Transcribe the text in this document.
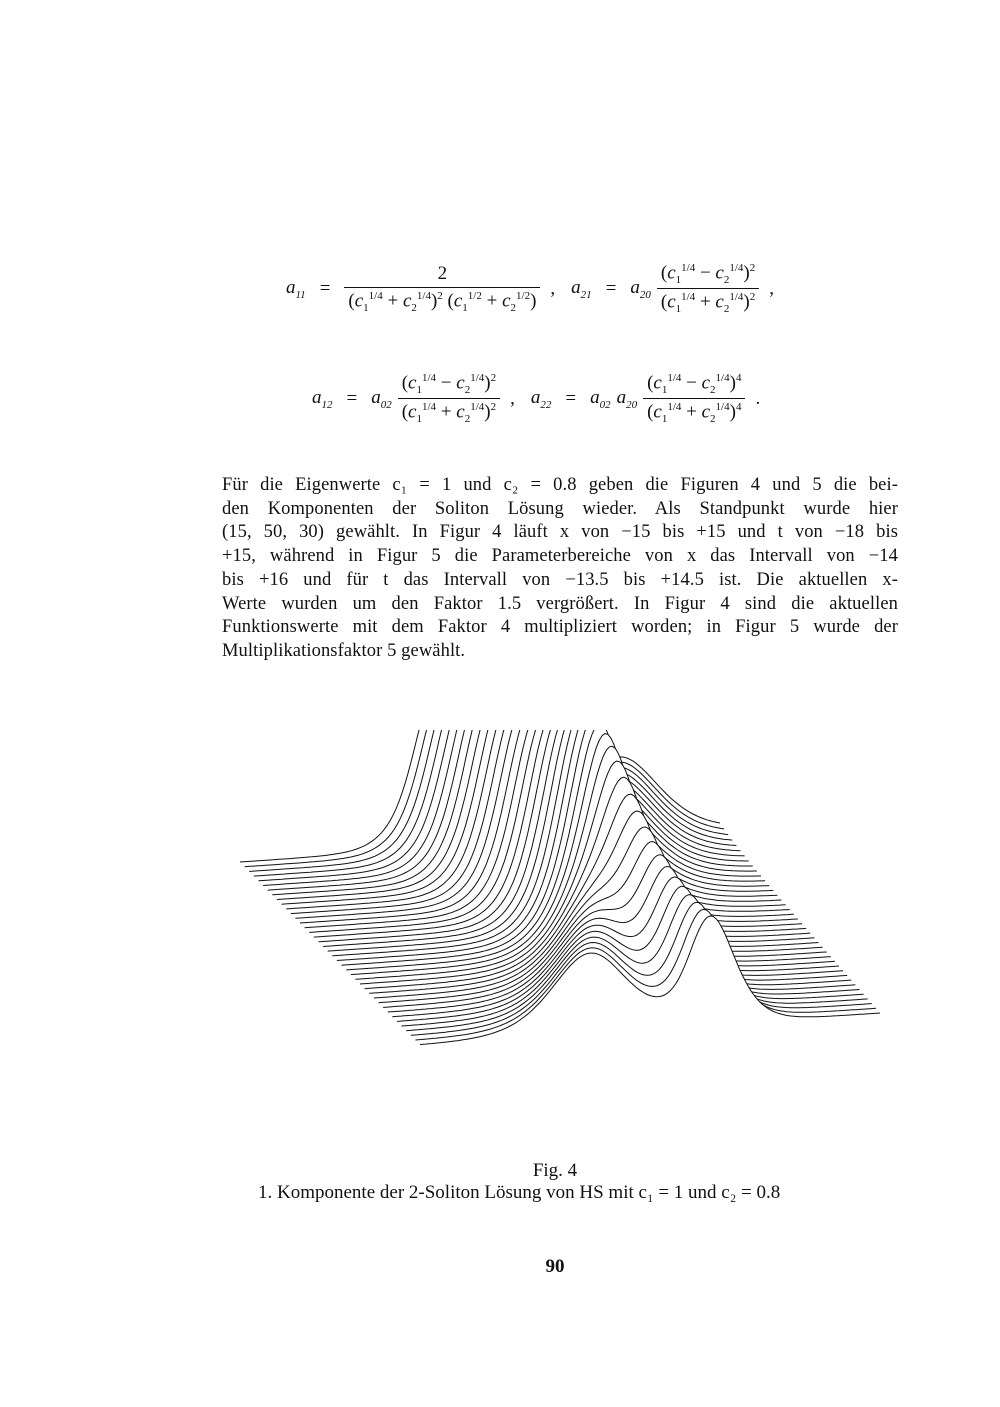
$a_{11} = \frac{2}{(c_1^{1/4} + c_2^{1/4})^2 (c_1^{1/2} + c_2^{1/2})}$ , $a_{21} = a_{20} \frac{(c_1^{1/4} - c_2^{1/4})^2}{(c_1^{1/4} + c_2^{1/4})^2}$ ,
$a_{12} = a_{02} \frac{(c_1^{1/4} - c_2^{1/4})^2}{(c_1^{1/4} + c_2^{1/4})^2}$ , $a_{22} = a_{02}$ $a_{20} \frac{(c_1^{1/4} - c_2^{1/4})^4}{(c_1^{1/4} + c_2^{1/4})^4}$ .
Für die Eigenwerte c₁ = 1 und c₂ = 0.8 geben die Figuren 4 und 5 die bei-
den Komponenten der Soliton Lösung wieder. Als Standpunkt wurde hier
(15, 50, 30) gewählt. In Figur 4 läuft x von −15 bis +15 und t von −18 bis
+15, während in Figur 5 die Parameterbereiche von x das Intervall von −14
bis +16 und für t das Intervall von −13.5 bis +14.5 ist. Die aktuellen x-
Werte wurden um den Faktor 1.5 vergrößert. In Figur 4 sind die aktuellen
Funktionswerte mit dem Faktor 4 multipliziert worden; in Figur 5 wurde der
Multiplikationsfaktor 5 gewählt.
Fig. 4
1. Komponente der 2-Soliton Lösung von HS mit c₁ = 1 und c₂ = 0.8
90
